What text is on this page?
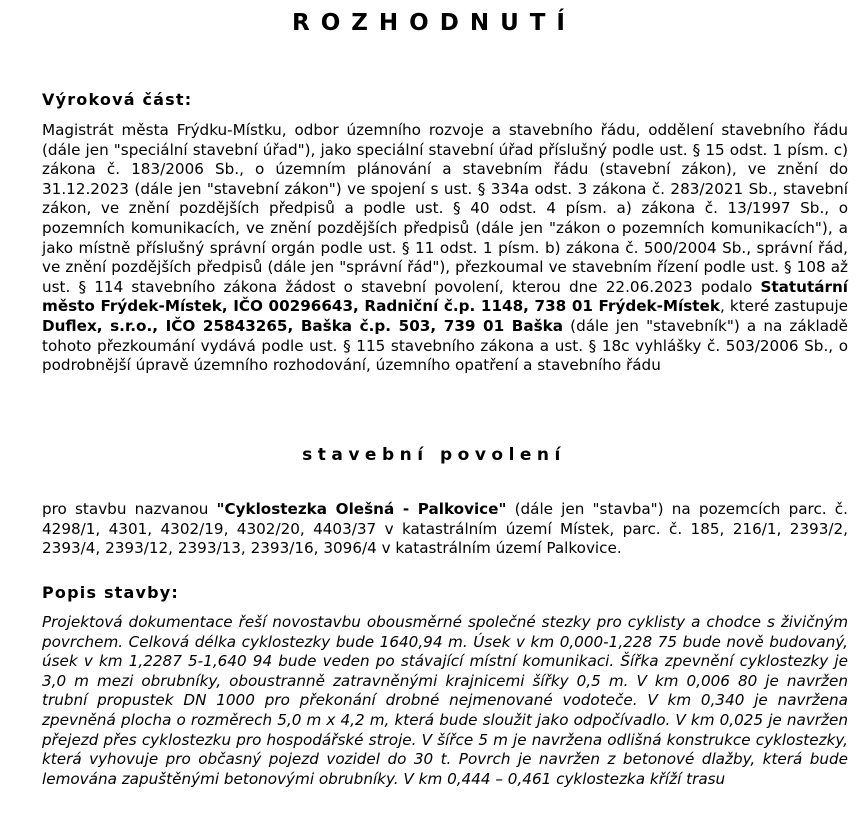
ROZHODNUTÍ
Výroková část:

Magistrát města Frýdku-Místku, odbor územního rozvoje a stavebního řádu, oddělení stavebního řádu (dále jen "speciální stavební úřad"), jako speciální stavební úřad příslušný podle ust. § 15 odst. 1 písm. c) zákona č. 183/2006 Sb., o územním plánování a stavebním řádu (stavební zákon), ve znění do 31.12.2023 (dále jen "stavební zákon") ve spojení s ust. § 334a odst. 3 zákona č. 283/2021 Sb., stavební zákon, ve znění pozdějších předpisů a podle ust. § 40 odst. 4 písm. a) zákona č. 13/1997 Sb., o pozemních komunikacích, ve znění pozdějších předpisů (dále jen "zákon o pozemních komunikacích"), a jako místně příslušný správní orgán podle ust. § 11 odst. 1 písm. b) zákona č. 500/2004 Sb., správní řád, ve znění pozdějších předpisů (dále jen "správní řád"), přezkoumal ve stavebním řízení podle ust. § 108 až ust. § 114 stavebního zákona žádost o stavební povolení, kterou dne 22.06.2023 podalo Statutární město Frýdek-Místek, IČO 00296643, Radniční č.p. 1148, 738 01 Frýdek-Místek, které zastupuje Duflex, s.r.o., IČO 25843265, Baška č.p. 503, 739 01 Baška (dále jen "stavebník") a na základě tohoto přezkoumání vydává podle ust. § 115 stavebního zákona a ust. § 18c vyhlášky č. 503/2006 Sb., o podrobnější úpravě územního rozhodování, územního opatření a stavebního řádu

stavební povolení

pro stavbu nazvanou "Cyklostezka Olešná - Palkovice" (dále jen "stavba") na pozemcích parc. č. 4298/1, 4301, 4302/19, 4302/20, 4403/37 v katastrálním území Místek, parc. č. 185, 216/1, 2393/2, 2393/4, 2393/12, 2393/13, 2393/16, 3096/4 v katastrálním území Palkovice.

Popis stavby:

Projektová dokumentace řeší novostavbu obousměrné společné stezky pro cyklisty a chodce s živičným povrchem. Celková délka cyklostezky bude 1640,94 m. Úsek v km 0,000-1,228 75 bude nově budovaný, úsek v km 1,2287 5-1,640 94 bude veden po stávající místní komunikaci. Šířka zpevnění cyklostezky je 3,0 m mezi obrubníky, oboustranně zatravněnými krajnicemi šířky 0,5 m. V km 0,006 80 je navržen trubní propustek DN 1000 pro překonání drobné nejmenované vodoteče. V km 0,340 je navržena zpevněná plocha o rozměrech 5,0 m x 4,2 m, která bude sloužit jako odpočívadlo. V km 0,025 je navržen přejezd přes cyklostezku pro hospodářské stroje. V šířce 5 m je navržena odlišná konstrukce cyklostezky, která vyhovuje pro občasný pojezd vozidel do 30 t. Povrch je navržen z betonové dlažby, která bude lemována zapuštěnými betonovými obrubníky. V km 0,444 – 0,461 cyklostezka kříží trasu
